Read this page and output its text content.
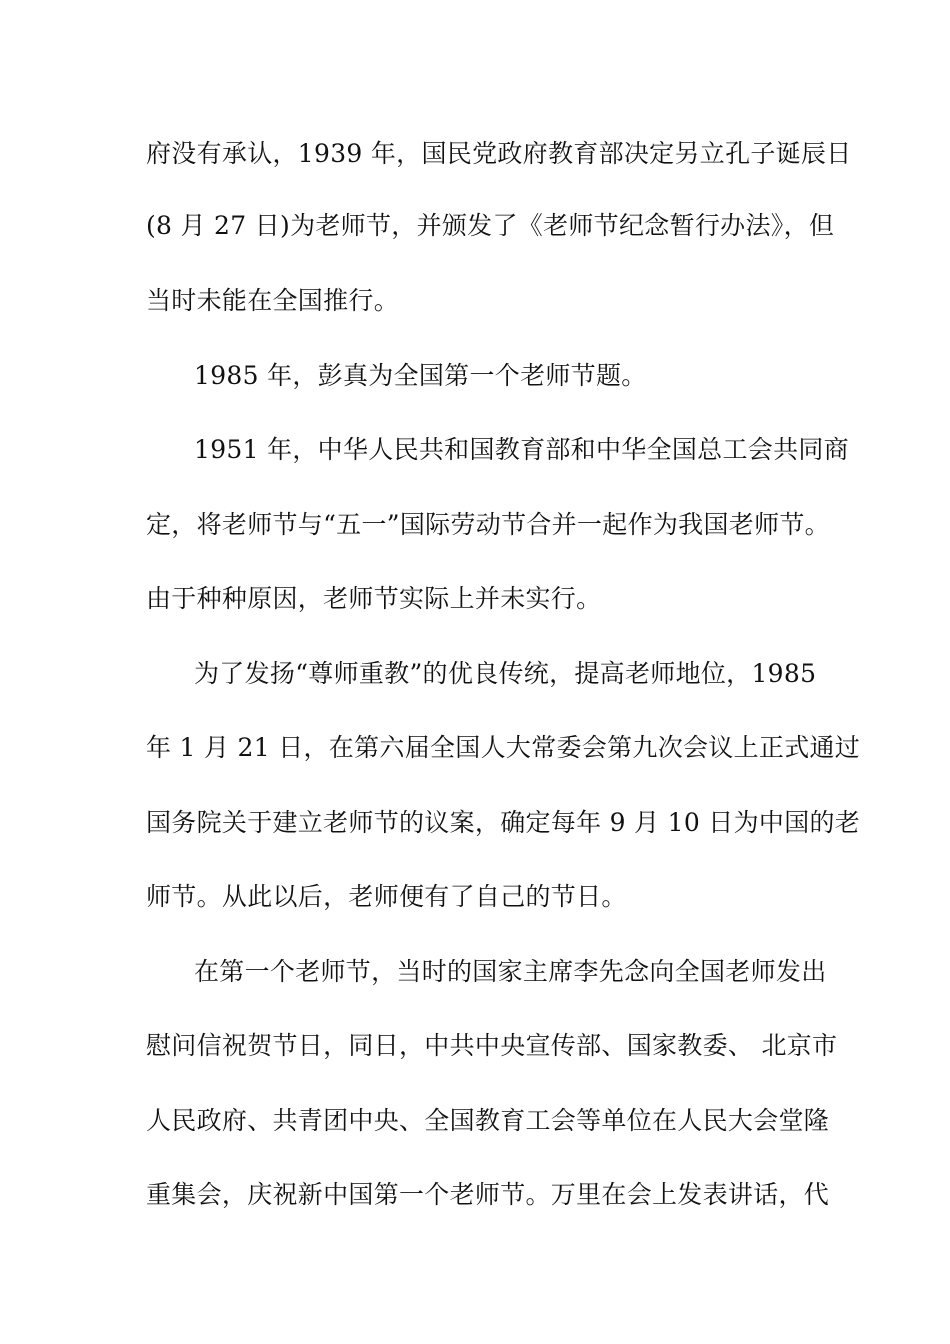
府没有承认，1939 年，国民党政府教育部决定另立孔子诞辰日
(8 月 27 日)为老师节，并颁发了《老师节纪念暂行办法》，但
当时未能在全国推行。
1985 年，彭真为全国第一个老师节题。
1951 年，中华人民共和国教育部和中华全国总工会共同商
定，将老师节与“五一”国际劳动节合并一起作为我国老师节。
由于种种原因，老师节实际上并未实行。
为了发扬“尊师重教”的优良传统，提高老师地位，1985
年 1 月 21 日，在第六届全国人大常委会第九次会议上正式通过
国务院关于建立老师节的议案，确定每年 9 月 10 日为中国的老
师节。从此以后，老师便有了自己的节日。
在第一个老师节，当时的国家主席李先念向全国老师发出
慰问信祝贺节日，同日，中共中央宣传部、国家教委、 北京市
人民政府、共青团中央、全国教育工会等单位在人民大会堂隆
重集会，庆祝新中国第一个老师节。万里在会上发表讲话，代
